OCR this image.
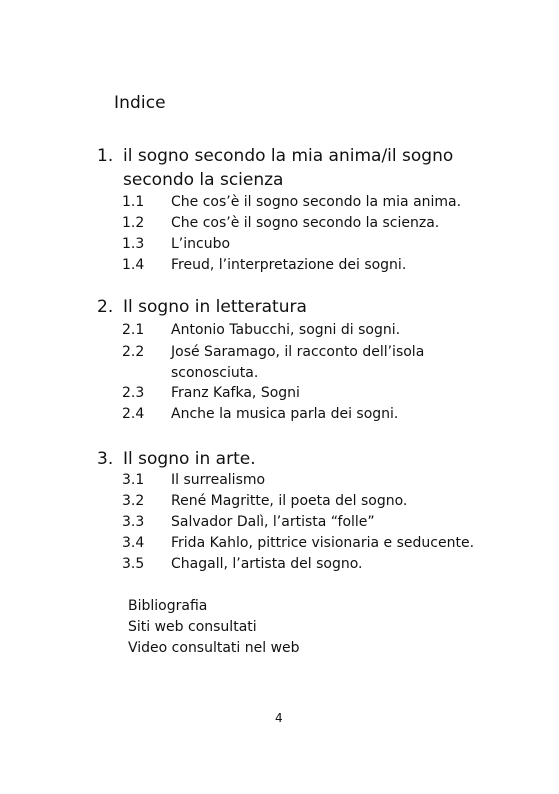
Indice
1. il sogno secondo la mia anima/il sogno
secondo la scienza
1.1 Che cos’è il sogno secondo la mia anima.
1.2 Che cos’è il sogno secondo la scienza.
1.3 L’incubo
1.4 Freud, l’interpretazione dei sogni.
2. Il sogno in letteratura
2.1 Antonio Tabucchi, sogni di sogni.
2.2 José Saramago, il racconto dell’isola
sconosciuta.
2.3 Franz Kafka, Sogni
2.4 Anche la musica parla dei sogni.
3. Il sogno in arte.
3.1 Il surrealismo
3.2 René Magritte, il poeta del sogno.
3.3 Salvador Dalì, l’artista “folle”
3.4 Frida Kahlo, pittrice visionaria e seducente.
3.5 Chagall, l’artista del sogno.
Bibliografia
Siti web consultati
Video consultati nel web
4
